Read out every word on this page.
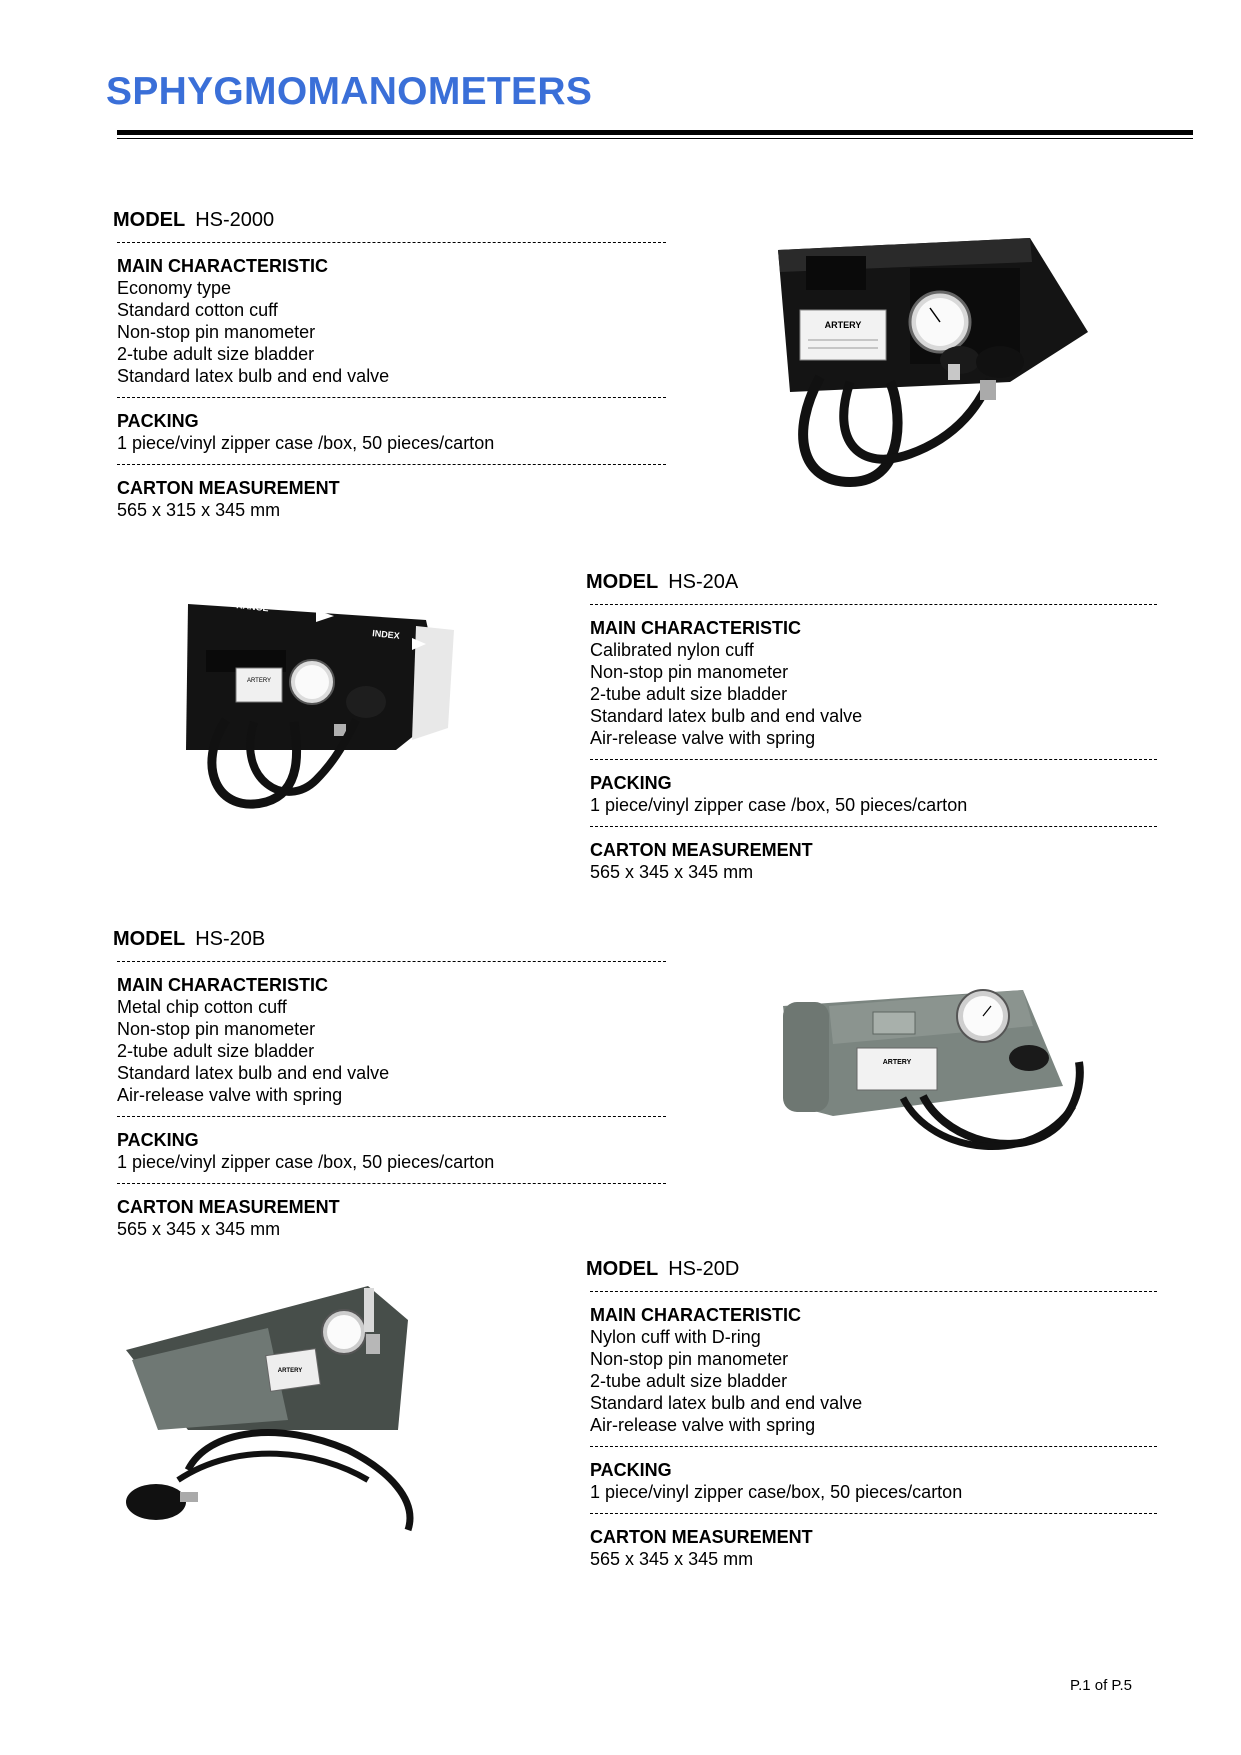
SPHYGMOMANOMETERS
MODEL HS-2000
MAIN CHARACTERISTIC
Economy type
Standard cotton cuff
Non-stop pin manometer
2-tube adult size bladder
Standard latex bulb and end valve
PACKING
1 piece/vinyl zipper case /box, 50 pieces/carton
CARTON MEASUREMENT
565 x 315 x 345 mm
MODEL HS-20A
MAIN CHARACTERISTIC
Calibrated nylon cuff
Non-stop pin manometer
2-tube adult size bladder
Standard latex bulb and end valve
Air-release valve with spring
PACKING
1 piece/vinyl zipper case /box, 50 pieces/carton
CARTON MEASUREMENT
565 x 345 x 345 mm
MODEL HS-20B
MAIN CHARACTERISTIC
Metal chip cotton cuff
Non-stop pin manometer
2-tube adult size bladder
Standard latex bulb and end valve
Air-release valve with spring
PACKING
1 piece/vinyl zipper case /box, 50 pieces/carton
CARTON MEASUREMENT
565 x 345 x 345 mm
MODEL HS-20D
MAIN CHARACTERISTIC
Nylon cuff with D-ring
Non-stop pin manometer
2-tube adult size bladder
Standard latex bulb and end valve
Air-release valve with spring
PACKING
1 piece/vinyl zipper case/box, 50 pieces/carton
CARTON MEASUREMENT
565 x 345 x 345 mm
ARTERY
RANGE
INDEX
ARTERY
ARTERY
ARTERY
P.1 of P.5
